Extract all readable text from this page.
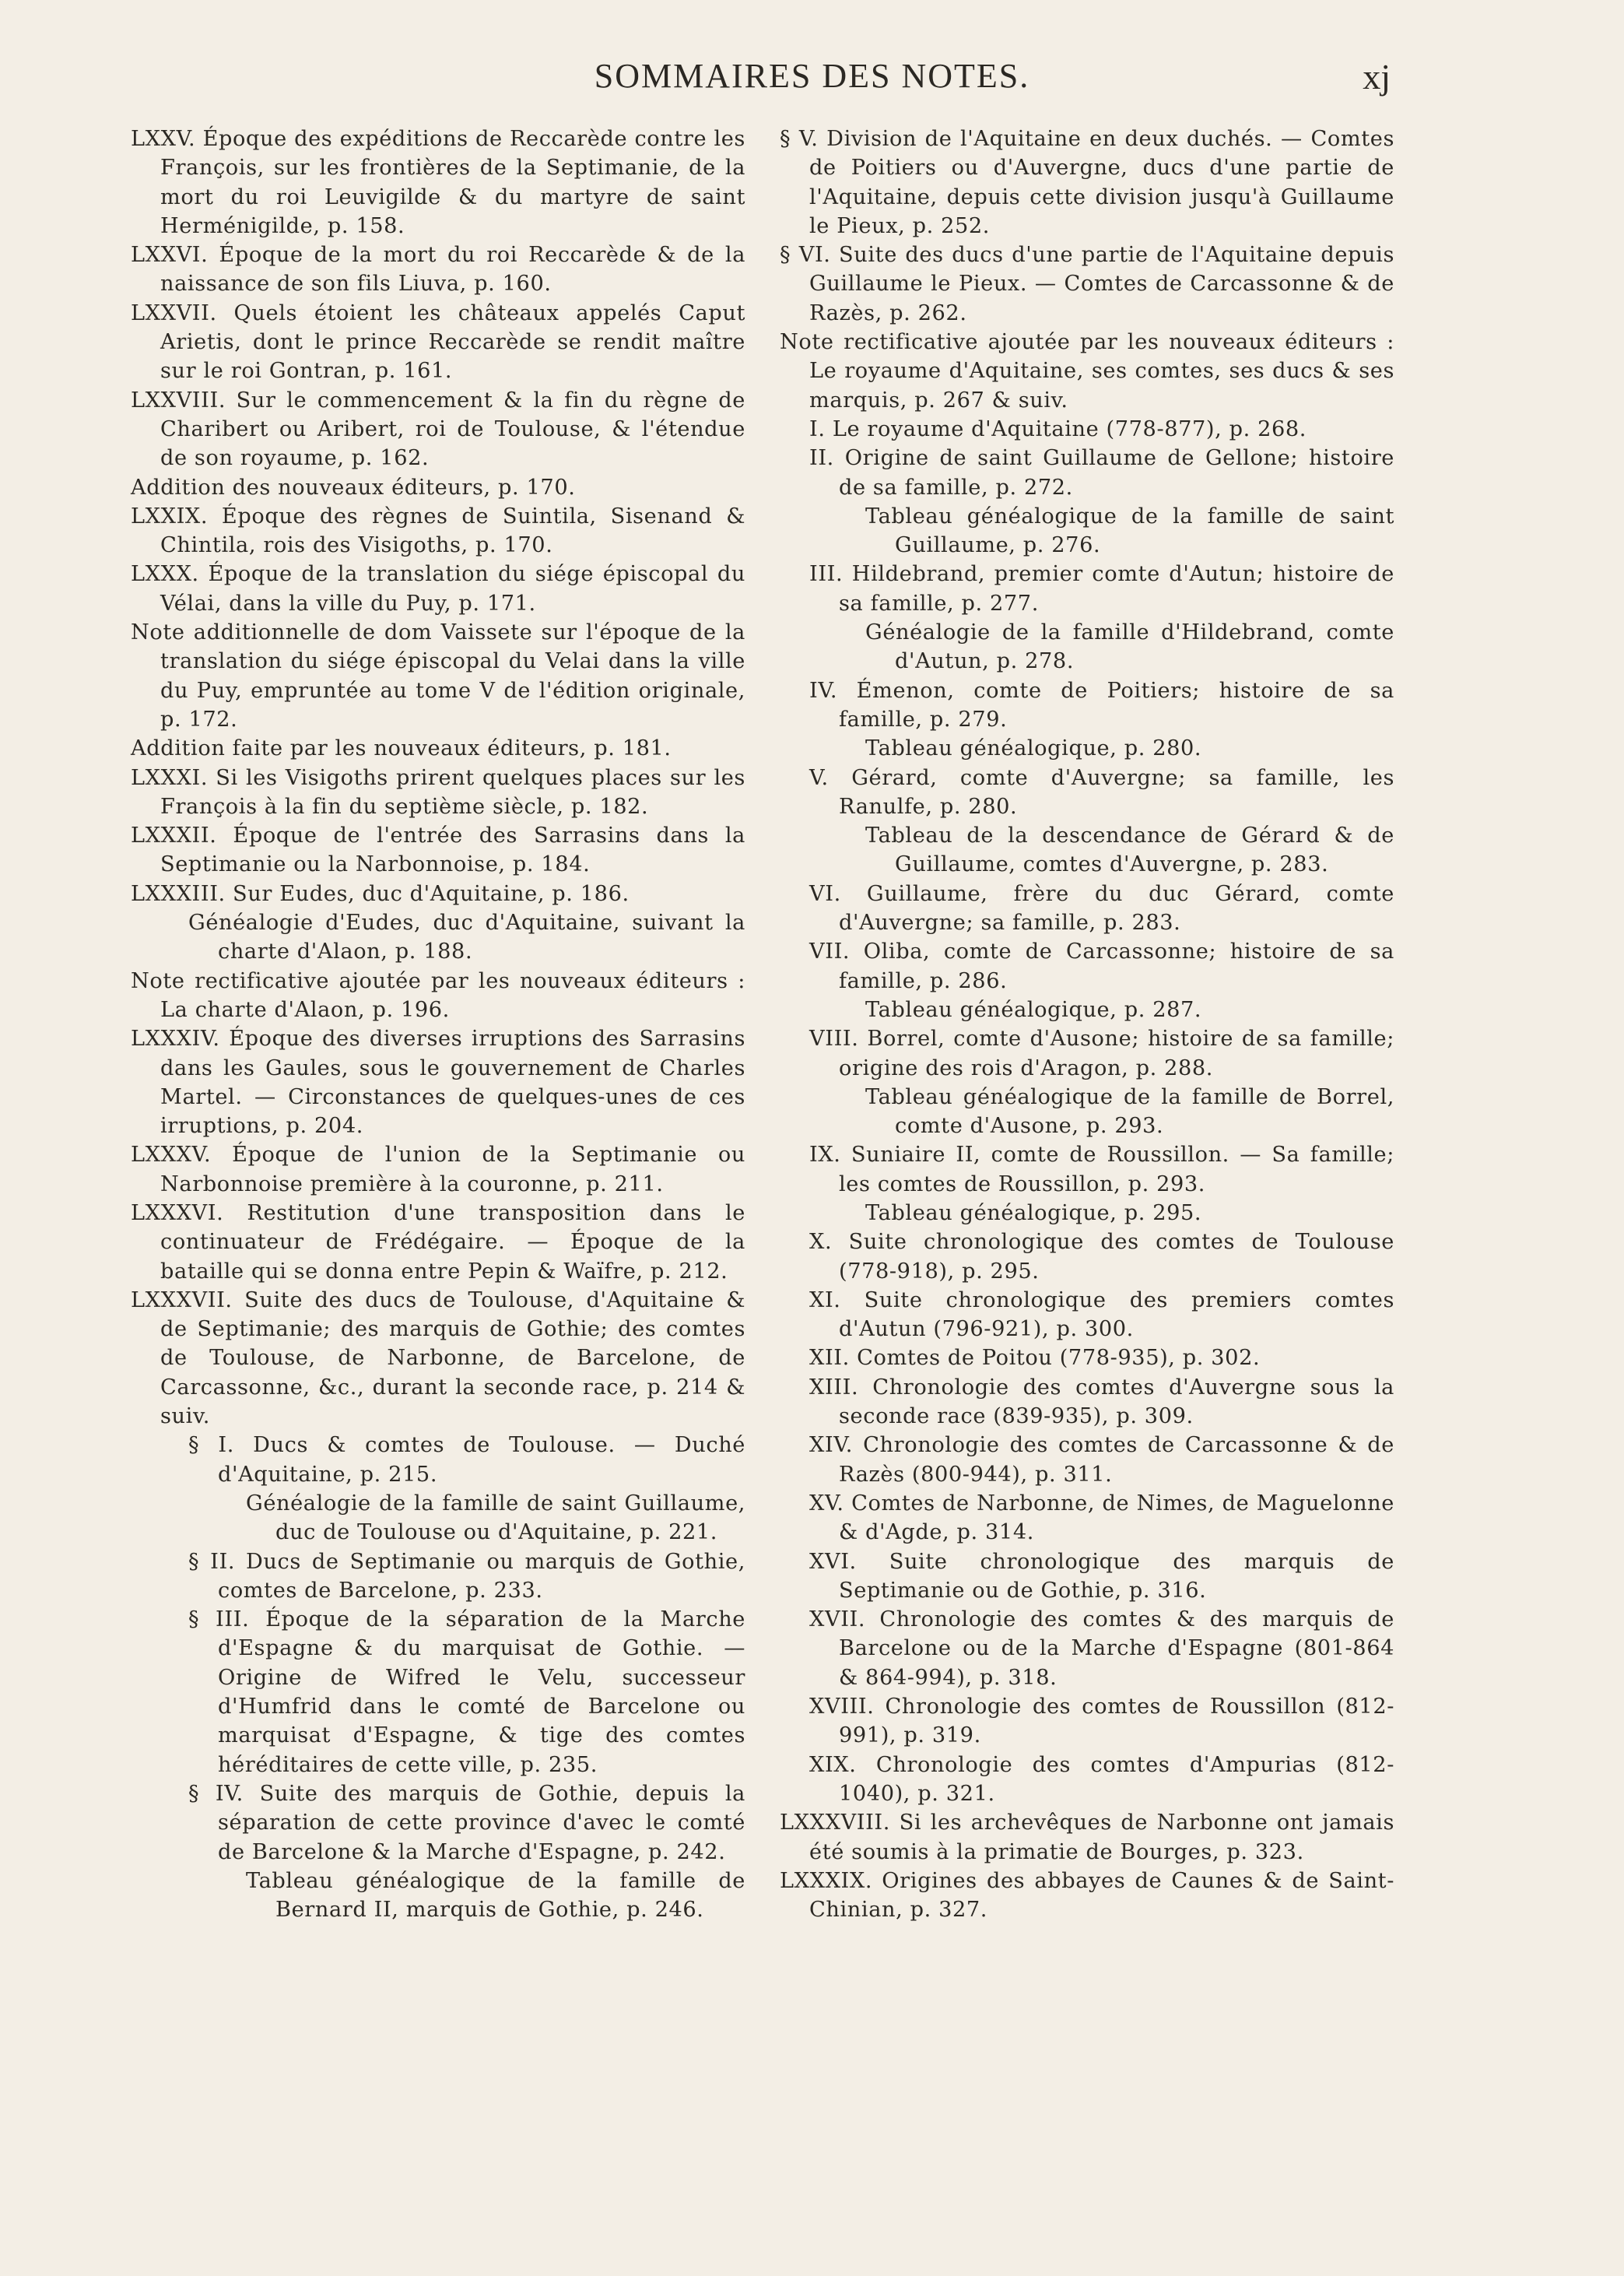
SOMMAIRES DES NOTES.	xj

LXXV. Époque des expéditions de Reccarède contre les François, sur les frontières de la Septimanie, de la mort du roi Leuvigilde & du martyre de saint Herménigilde, p. 158.

LXXVI. Époque de la mort du roi Reccarède & de la naissance de son fils Liuva, p. 160.

LXXVII. Quels étoient les châteaux appelés Caput Arietis, dont le prince Reccarède se rendit maître sur le roi Gontran, p. 161.

LXXVIII. Sur le commencement & la fin du règne de Charibert ou Aribert, roi de Toulouse, & l'étendue de son royaume, p. 162.

Addition des nouveaux éditeurs, p. 170.

LXXIX. Époque des règnes de Suintila, Sisenand & Chintila, rois des Visigoths, p. 170.

LXXX. Époque de la translation du siége épiscopal du Vélai, dans la ville du Puy, p. 171.

Note additionnelle de dom Vaissete sur l'époque de la translation du siége épiscopal du Velai dans la ville du Puy, empruntée au tome V de l'édition originale, p. 172.

Addition faite par les nouveaux éditeurs, p. 181.

LXXXI. Si les Visigoths prirent quelques places sur les François à la fin du septième siècle, p. 182.

LXXXII. Époque de l'entrée des Sarrasins dans la Septimanie ou la Narbonnoise, p. 184.

LXXXIII. Sur Eudes, duc d'Aquitaine, p. 186.

Généalogie d'Eudes, duc d'Aquitaine, suivant la charte d'Alaon, p. 188.

Note rectificative ajoutée par les nouveaux éditeurs : La charte d'Alaon, p. 196.

LXXXIV. Époque des diverses irruptions des Sarrasins dans les Gaules, sous le gouvernement de Charles Martel. — Circonstances de quelques-unes de ces irruptions, p. 204.

LXXXV. Époque de l'union de la Septimanie ou Narbonnoise première à la couronne, p. 211.

LXXXVI. Restitution d'une transposition dans le continuateur de Frédégaire. — Époque de la bataille qui se donna entre Pepin & Waïfre, p. 212.

LXXXVII. Suite des ducs de Toulouse, d'Aquitaine & de Septimanie; des marquis de Gothie; des comtes de Toulouse, de Narbonne, de Barcelone, de Carcassonne, &c., durant la seconde race, p. 214 & suiv.

§ I. Ducs & comtes de Toulouse. — Duché d'Aquitaine, p. 215.

Généalogie de la famille de saint Guillaume, duc de Toulouse ou d'Aquitaine, p. 221.

§ II. Ducs de Septimanie ou marquis de Gothie, comtes de Barcelone, p. 233.

§ III. Époque de la séparation de la Marche d'Espagne & du marquisat de Gothie. — Origine de Wifred le Velu, successeur d'Humfrid dans le comté de Barcelone ou marquisat d'Espagne, & tige des comtes héréditaires de cette ville, p. 235.

§ IV. Suite des marquis de Gothie, depuis la séparation de cette province d'avec le comté de Barcelone & la Marche d'Espagne, p. 242.

Tableau généalogique de la famille de Bernard II, marquis de Gothie, p. 246.

§ V. Division de l'Aquitaine en deux duchés. — Comtes de Poitiers ou d'Auvergne, ducs d'une partie de l'Aquitaine, depuis cette division jusqu'à Guillaume le Pieux, p. 252.

§ VI. Suite des ducs d'une partie de l'Aquitaine depuis Guillaume le Pieux. — Comtes de Carcassonne & de Razès, p. 262.

Note rectificative ajoutée par les nouveaux éditeurs : Le royaume d'Aquitaine, ses comtes, ses ducs & ses marquis, p. 267 & suiv.

I. Le royaume d'Aquitaine (778-877), p. 268.

II. Origine de saint Guillaume de Gellone; histoire de sa famille, p. 272.

Tableau généalogique de la famille de saint Guillaume, p. 276.

III. Hildebrand, premier comte d'Autun; histoire de sa famille, p. 277.

Généalogie de la famille d'Hildebrand, comte d'Autun, p. 278.

IV. Émenon, comte de Poitiers; histoire de sa famille, p. 279.

Tableau généalogique, p. 280.

V. Gérard, comte d'Auvergne; sa famille, les Ranulfe, p. 280.

Tableau de la descendance de Gérard & de Guillaume, comtes d'Auvergne, p. 283.

VI. Guillaume, frère du duc Gérard, comte d'Auvergne; sa famille, p. 283.

VII. Oliba, comte de Carcassonne; histoire de sa famille, p. 286.

Tableau généalogique, p. 287.

VIII. Borrel, comte d'Ausone; histoire de sa famille; origine des rois d'Aragon, p. 288.

Tableau généalogique de la famille de Borrel, comte d'Ausone, p. 293.

IX. Suniaire II, comte de Roussillon. — Sa famille; les comtes de Roussillon, p. 293.

Tableau généalogique, p. 295.

X. Suite chronologique des comtes de Toulouse (778-918), p. 295.

XI. Suite chronologique des premiers comtes d'Autun (796-921), p. 300.

XII. Comtes de Poitou (778-935), p. 302.

XIII. Chronologie des comtes d'Auvergne sous la seconde race (839-935), p. 309.

XIV. Chronologie des comtes de Carcassonne & de Razès (800-944), p. 311.

XV. Comtes de Narbonne, de Nimes, de Maguelonne & d'Agde, p. 314.

XVI. Suite chronologique des marquis de Septimanie ou de Gothie, p. 316.

XVII. Chronologie des comtes & des marquis de Barcelone ou de la Marche d'Espagne (801-864 & 864-994), p. 318.

XVIII. Chronologie des comtes de Roussillon (812-991), p. 319.

XIX. Chronologie des comtes d'Ampurias (812-1040), p. 321.

LXXXVIII. Si les archevêques de Narbonne ont jamais été soumis à la primatie de Bourges, p. 323.

LXXXIX. Origines des abbayes de Caunes & de Saint-Chinian, p. 327.
